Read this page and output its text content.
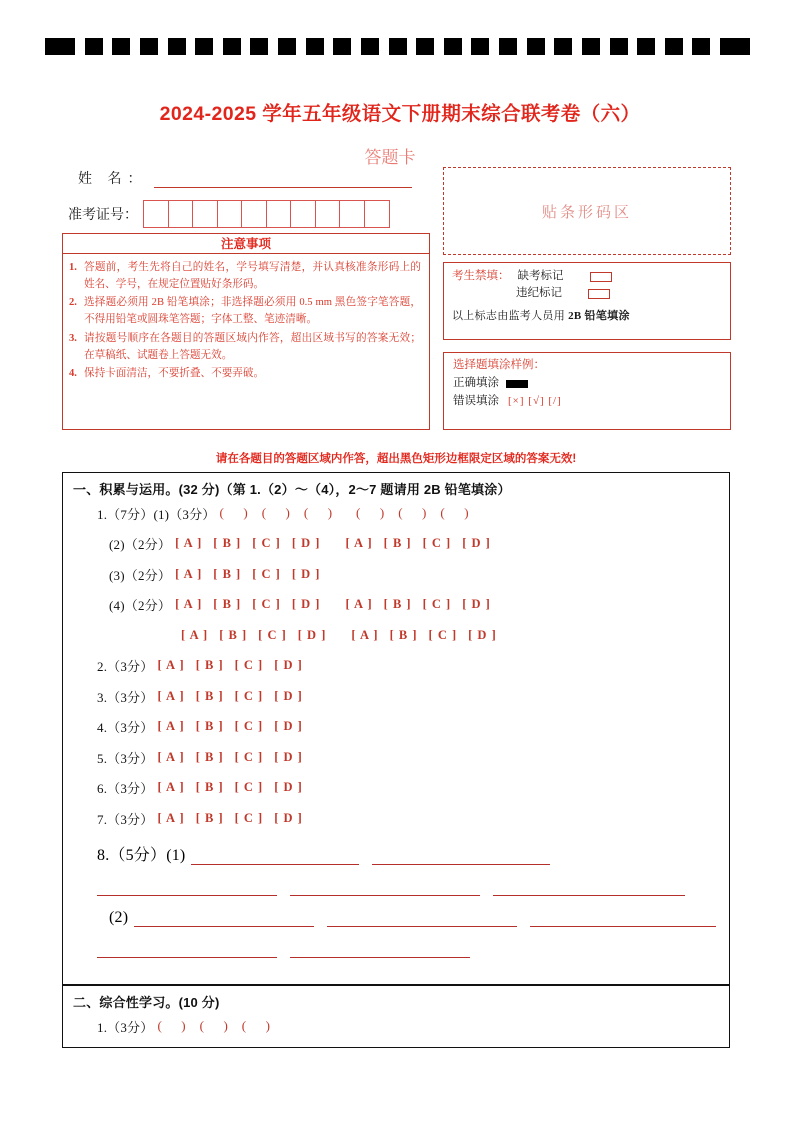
2024-2025 学年五年级语文下册期末综合联考卷（六）
答题卡
姓 名：
准考证号：	贴条形码区
注意事项
1. 答题前，考生先将自己的姓名，学号填写清楚，并认真核准条形码上的姓名、学号，在规定位置贴好条形码。
2. 选择题必须用 2B 铅笔填涂；非选择题必须用 0.5 mm 黑色签字笔答题，不得用铅笔或圆珠笔答题；字体工整、笔迹清晰。
3. 请按题号顺序在各题目的答题区域内作答，超出区域书写的答案无效；在草稿纸、试题卷上答题无效。
4. 保持卡面清洁，不要折叠、不要弄破。
考生禁填： 缺考标记
违纪标记
以上标志由监考人员用 2B 铅笔填涂
选择题填涂样例：
正确填涂
错误填涂 [×] [√] [/]
请在各题目的答题区域内作答，超出黑色矩形边框限定区域的答案无效!
一、积累与运用。(32 分)（第 1.（2）～（4），2～7 题请用 2B 铅笔填涂）
1.（7分）(1)（3分） (      ) (      ) (      ) (      ) (      ) (      )
(2)（2分） [ A ] [ B ] [ C ] [ D ] [ A ] [ B ] [ C ] [ D ]
(3)（2分） [ A ] [ B ] [ C ] [ D ]
(4)（2分） [ A ] [ B ] [ C ] [ D ] [ A ] [ B ] [ C ] [ D ]
[ A ] [ B ] [ C ] [ D ] [ A ] [ B ] [ C ] [ D ]
2.（3分） [ A ] [ B ] [ C ] [ D ]
3.（3分） [ A ] [ B ] [ C ] [ D ]
4.（3分） [ A ] [ B ] [ C ] [ D ]
5.（3分） [ A ] [ B ] [ C ] [ D ]
6.（3分） [ A ] [ B ] [ C ] [ D ]
7.（3分） [ A ] [ B ] [ C ] [ D ]
8.（5分）(1)
(2)
二、综合性学习。(10 分)
1.（3分） (      ) (      ) (      )
